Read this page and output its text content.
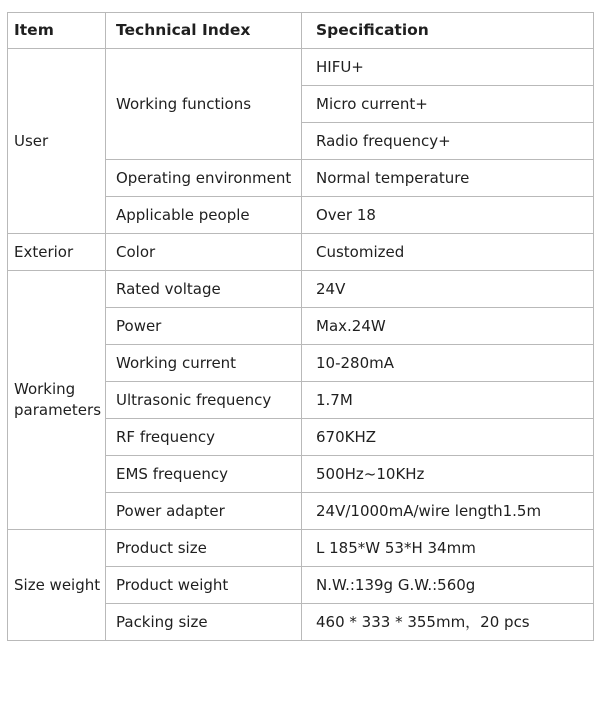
Item	Technical Index	Specification
User	Working functions	HIFU+
		Micro current+
		Radio frequency+
	Operating environment	Normal temperature
	Applicable people	Over 18
Exterior	Color	Customized
Working parameters	Rated voltage	24V
	Power	Max.24W
	Working current	10-280mA
	Ultrasonic frequency	1.7M
	RF frequency	670KHZ
	EMS frequency	500Hz~10KHz
	Power adapter	24V/1000mA/wire length1.5m
Size weight	Product size	L 185*W 53*H 34mm
	Product weight	N.W.:139g G.W.:560g
	Packing size	460 * 333 * 355mm，20 pcs
